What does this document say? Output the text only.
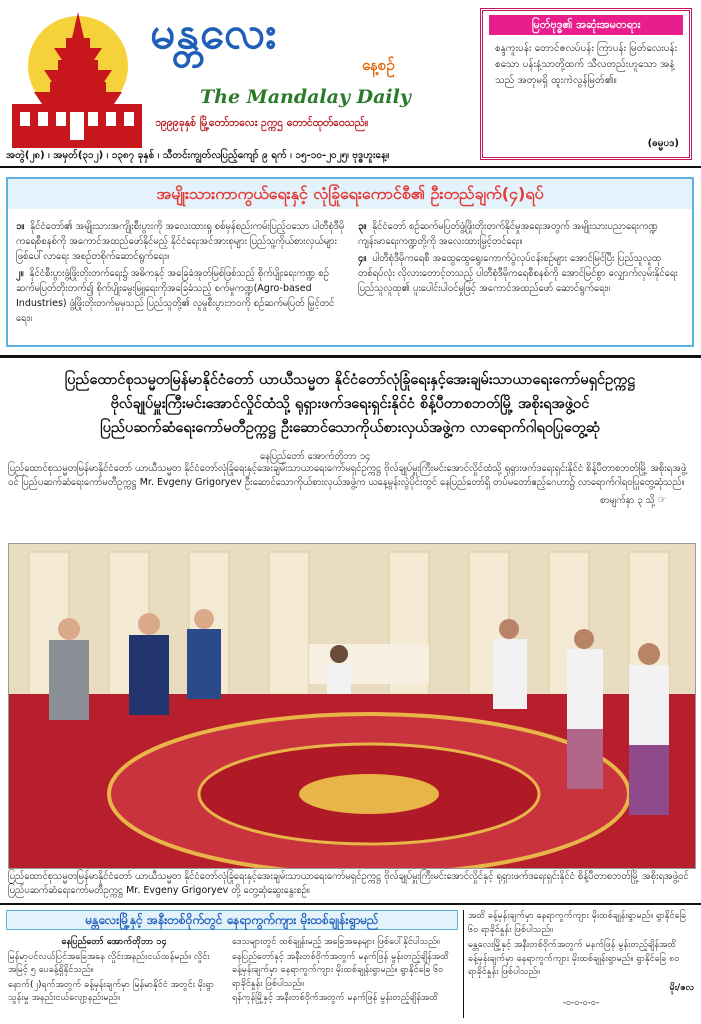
မန္တလေး
နေ့စဉ်
The Mandalay Daily
၁၉၉၉ခုနှစ် မြို့တော်ဘလေး ဥက္ကဌ တောင်ထုတ်ဝေသည်။
မြတ်ဗုဒ္ဓ၏ အဆုံးအမတရား
စန္ဒကူးပန်း တောင်ဇလပ်ပန်း ကြာပန်း မြတ်လေးပန်း စသော ပန်းနံ့သာတို့ထက် သီလတည်းဟူသော အနံ့သည် အတုမရှိ ထူးကဲလွန်မြတ်၏။
(ဓမ္မပဒ)
အတွဲ(၂၈) ၊ အမှတ်(၃၁၂) ၊ ၁၃၈၇ ခုနှစ် ၊ သီတင်းကျွတ်လပြည့်ကျော် ၉ ရက် ၊ ၁၅-၁၀-၂၀၂၅၊ ဗုဒ္ဓဟူးနေ့။
အမျိုးသားကာကွယ်ရေးနှင့် လုံခြုံရေးကောင်စီ၏ ဦးတည်ချက်(၄)ရပ်

၁။ နိုင်ငံတော်၏ အမျိုးသားအကျိုးစီးပွားကို အလေးထားရှု စစ်မှန်စည်းကမ်းပြည့်ဝသော ပါတီစုံဒီမိုကရေစီစနစ်ကို အကောင်အထည်ဖော်နိုင်မည့် နိုင်ငံရေးအင်အားစုများ ပြည်သူ့ကိုယ်စားလှယ်များဖြစ်ပေါ်လာရေး အစဉ်တစိုက်ဆောင်ရွက်ရေး။

၂။ နိုင်ငံစီးပွားဖွံ့ဖြိုးတိုးတက်ရေး၌ အဓိကနှင့် အခြေခံအုတ်မြစ်ဖြစ်သည့် စိုက်ပျိုးရေးကဏ္ဍ စဉ်ဆက်မပြတ်တိုးတက်၍ စိုက်ပျိုးမွေးမြူရေးကိုအခြေခံသည့် စက်မှုကဏ္ဍ(Agro-based Industries) ဖွံ့ဖြိုးတိုးတက်မှုမှသည် ပြည်သူတို့၏ လူမှုစီးပွားဘဝကို စဉ်ဆက်မပြတ် မြှင့်တင်ရေး။

၃။ နိုင်ငံတော် စဉ်ဆက်မပြတ်ဖွံ့ဖြိုးတိုးတက်နိုင်မှုအရေးအတွက် အမျိုးသားပညာရေးကဏ္ဍ ကျန်းမာရေးကဏ္ဍတို့ကို အလေးထားမြှင့်တင်ရေး။

၄။ ပါတီစုံဒီမိုကရေစီ အထွေထွေရွေးကောက်ပွဲလုပ်ငန်းစဉ်များ အောင်မြင်ပြီး ပြည်သူလူထုတစ်ရပ်လုံး လိုလားတောင့်တသည့် ပါတီစုံဒီမိုကရေစီစနစ်ကို အောင်မြင်စွာ လျှောက်လှမ်းနိုင်ရေး ပြည်သူလူထု၏ ပူးပေါင်းပါဝင်မှုဖြင့် အကောင်အထည်ဖော် ဆောင်ရွက်ရေး။

ပြည်ထောင်စုသမ္မတမြန်မာနိုင်ငံတော် ယာယီသမ္မတ နိုင်ငံတော်လုံခြုံရေးနှင့်အေးချမ်းသာယာရေးကော်မရှင်ဥက္ကဋ္ဌ
ဗိုလ်ချုပ်မှူးကြီးမင်းအောင်လှိုင်ထံသို့ ရုရှားဖက်ဒရေးရှင်းနိုင်ငံ စိန့်ပီတာစဘတ်မြို့ အစိုးရအဖွဲ့ဝင်
ပြည်ပဆက်ဆံရေးကော်မတီဥက္ကဋ္ဌ ဦးဆောင်သောကိုယ်စားလှယ်အဖွဲ့က လာရောက်ဂါရဝပြုတွေ့ဆုံ
နေပြည်တော် အောက်တိုဘာ ၁၄
ပြည်ထောင်စုသမ္မတမြန်မာနိုင်ငံတော် ယာယီသမ္မတ နိုင်ငံတော်လုံခြုံရေးနှင့်အေးချမ်းသာယာရေးကော်မရှင်ဥက္ကဋ္ဌ ဗိုလ်ချုပ်မှူးကြီးမင်းအောင်လှိုင်ထံသို့ ရုရှားဖက်ဒရေးရှင်းနိုင်ငံ စိန့်ပီတာစဘတ်မြို့ အစိုးရအဖွဲ့ဝင် ပြည်ပဆက်ဆံရေးကော်မတီဥက္ကဋ္ဌ Mr. Evgeny Grigoryev ဦးဆောင်သောကိုယ်စားလှယ်အဖွဲ့က ယနေ့မွန်းလွဲပိုင်းတွင် နေပြည်တော်ရှိ တပ်မတော်ဧည့်ဂေဟာ၌ လာရောက်ဂါရဝပြုတွေ့ဆုံသည်။
စာမျက်နှာ ၃ သို့ ☞
ပြည်ထောင်စုသမ္မတမြန်မာနိုင်ငံတော် ယာယီသမ္မတ နိုင်ငံတော်လုံခြုံရေးနှင့်အေးချမ်းသာယာရေးကော်မရှင်ဥက္ကဋ္ဌ ဗိုလ်ချုပ်မှူးကြီးမင်းအောင်လှိုင်နှင့် ရုရှားဖက်ဒရေးရှင်းနိုင်ငံ စိန့်ပီတာစဘတ်မြို့ အစိုးရအဖွဲ့ဝင် ပြည်ပဆက်ဆံရေးကော်မတီဥက္ကဋ္ဌ Mr. Evgeny Grigoryev တို့ တွေ့ဆုံဆွေးနွေးစဉ်။
မန္တလေးမြို့နှင့် အနီးတစ်ဝိုက်တွင် နေရာကွက်ကျား မိုးထစ်ချုန်းရွာမည်

နေပြည်တော် အောက်တိုဘာ ၁၄

မြန်မာ့ပင်လယ်ပြင်အခြေအနေ လှိုင်းအနည်းငယ်ထန်မည်။ လှိုင်းအမြင့် ၅ ပေခန့်ရှိနိုင်သည်။

နောက်(၂)ရက်အတွက် ခန့်မှန်းချက်မှာ မြန်မာနိုင်ငံ အတွင်း မိုးရွာသွန်းမှု အနည်းငယ်လျော့နည်းမည်။

ဒေသများတွင် ထစ်ချုန်းမည့် အခြေအနေများ ဖြစ်ပေါ်နိုင်ပါသည်။

နေပြည်တော်နှင့် အနီးတစ်ဝိုက်အတွက် မနက်ဖြန် မွန်းတည့်ချိန်အထိ ခန့်မှန်းချက်မှာ နေရာကွက်ကျား မိုးထစ်ချုန်းရွာမည်။ ရွာနိုင်ခြေ ၆၀ ရာခိုင်နှုန်း ဖြစ်ပါသည်။

ရန်ကုန်မြို့နှင့် အနီးတစ်ဝိုက်အတွက် မနက်ဖြန် မွန်းတည့်ချိန်အထိ

အထိ ခန့်မှန်းချက်မှာ နေရာကွက်ကျား မိုးထစ်ချုန်းရွာမည်။ ရွာနိုင်ခြေ ၆၀ ရာခိုင်နှုန်း ဖြစ်ပါသည်။

မန္တလေးမြို့နှင့် အနီးတစ်ဝိုက်အတွက် မနက်ဖြန် မွန်းတည့်ချိန်အထိ ခန့်မှန်းချက်မှာ နေရာကွက်ကျား မိုးထစ်ချုန်းရွာမည်။ ရွာနိုင်ခြေ ၈၀ ရာခိုင်နှုန်း ဖြစ်ပါသည်။

မိုး/ဇလ

-၀-၀-၀-၀-
